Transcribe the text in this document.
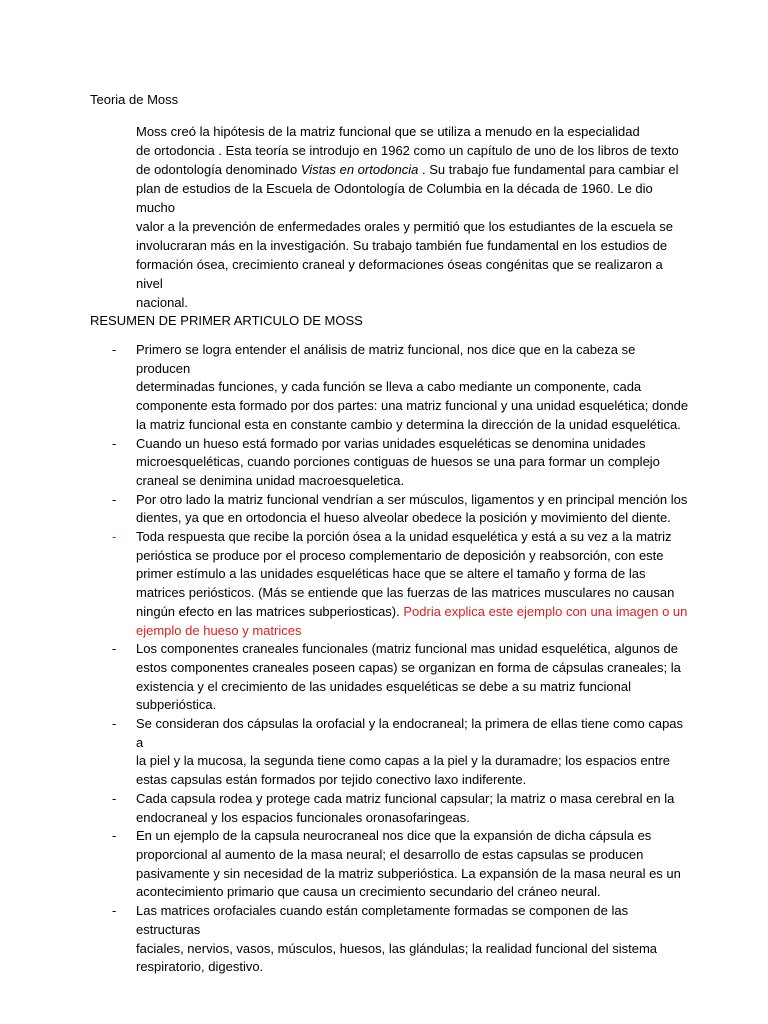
Teoria de Moss

Moss creó la hipótesis de la matriz funcional que se utiliza a menudo en la especialidad
de ortodoncia . Esta teoría se introdujo en 1962 como un capítulo de uno de los libros de texto
de odontología denominado Vistas en ortodoncia . Su trabajo fue fundamental para cambiar el
plan de estudios de la Escuela de Odontología de Columbia en la década de 1960. Le dio mucho
valor a la prevención de enfermedades orales y permitió que los estudiantes de la escuela se
involucraran más en la investigación. Su trabajo también fue fundamental en los estudios de
formación ósea, crecimiento craneal y deformaciones óseas congénitas que se realizaron a nivel
nacional.

RESUMEN DE PRIMER ARTICULO DE MOSS
- Primero se logra entender el análisis de matriz funcional, nos dice que en la cabeza se producen
determinadas funciones, y cada función se lleva a cabo mediante un componente, cada
componente esta formado por dos partes: una matriz funcional y una unidad esquelética; donde
la matriz funcional esta en constante cambio y determina la dirección de la unidad esquelética.
- Cuando un hueso está formado por varias unidades esqueléticas se denomina unidades
microesqueléticas, cuando porciones contiguas de huesos se una para formar un complejo
craneal se denimina unidad macroesqueletica.
- Por otro lado la matriz funcional vendrían a ser músculos, ligamentos y en principal mención los
dientes, ya que en ortodoncia el hueso alveolar obedece la posición y movimiento del diente.
- Toda respuesta que recibe la porción ósea a la unidad esquelética y está a su vez a la matriz
perióstica se produce por el proceso complementario de deposición y reabsorción, con este
primer estímulo a las unidades esqueléticas hace que se altere el tamaño y forma de las
matrices periósticos. (Más se entiende que las fuerzas de las matrices musculares no causan
ningún efecto en las matrices subperiosticas). Podria explica este ejemplo con una imagen o un
ejemplo de hueso y matrices
- Los componentes craneales funcionales (matriz funcional mas unidad esquelética, algunos de
estos componentes craneales poseen capas) se organizan en forma de cápsulas craneales; la
existencia y el crecimiento de las unidades esqueléticas se debe a su matriz funcional
subperióstica.
- Se consideran dos cápsulas la orofacial y la endocraneal; la primera de ellas tiene como capas a
la piel y la mucosa, la segunda tiene como capas a la piel y la duramadre; los espacios entre
estas capsulas están formados por tejido conectivo laxo indiferente.
- Cada capsula rodea y protege cada matriz funcional capsular; la matriz o masa cerebral en la
endocraneal y los espacios funcionales oronasofaringeas.
- En un ejemplo de la capsula neurocraneal nos dice que la expansión de dicha cápsula es
proporcional al aumento de la masa neural; el desarrollo de estas capsulas se producen
pasivamente y sin necesidad de la matriz subperióstica. La expansión de la masa neural es un
acontecimiento primario que causa un crecimiento secundario del cráneo neural.
- Las matrices orofaciales cuando están completamente formadas se componen de las estructuras
faciales, nervios, vasos, músculos, huesos, las glándulas; la realidad funcional del sistema
respiratorio, digestivo.
